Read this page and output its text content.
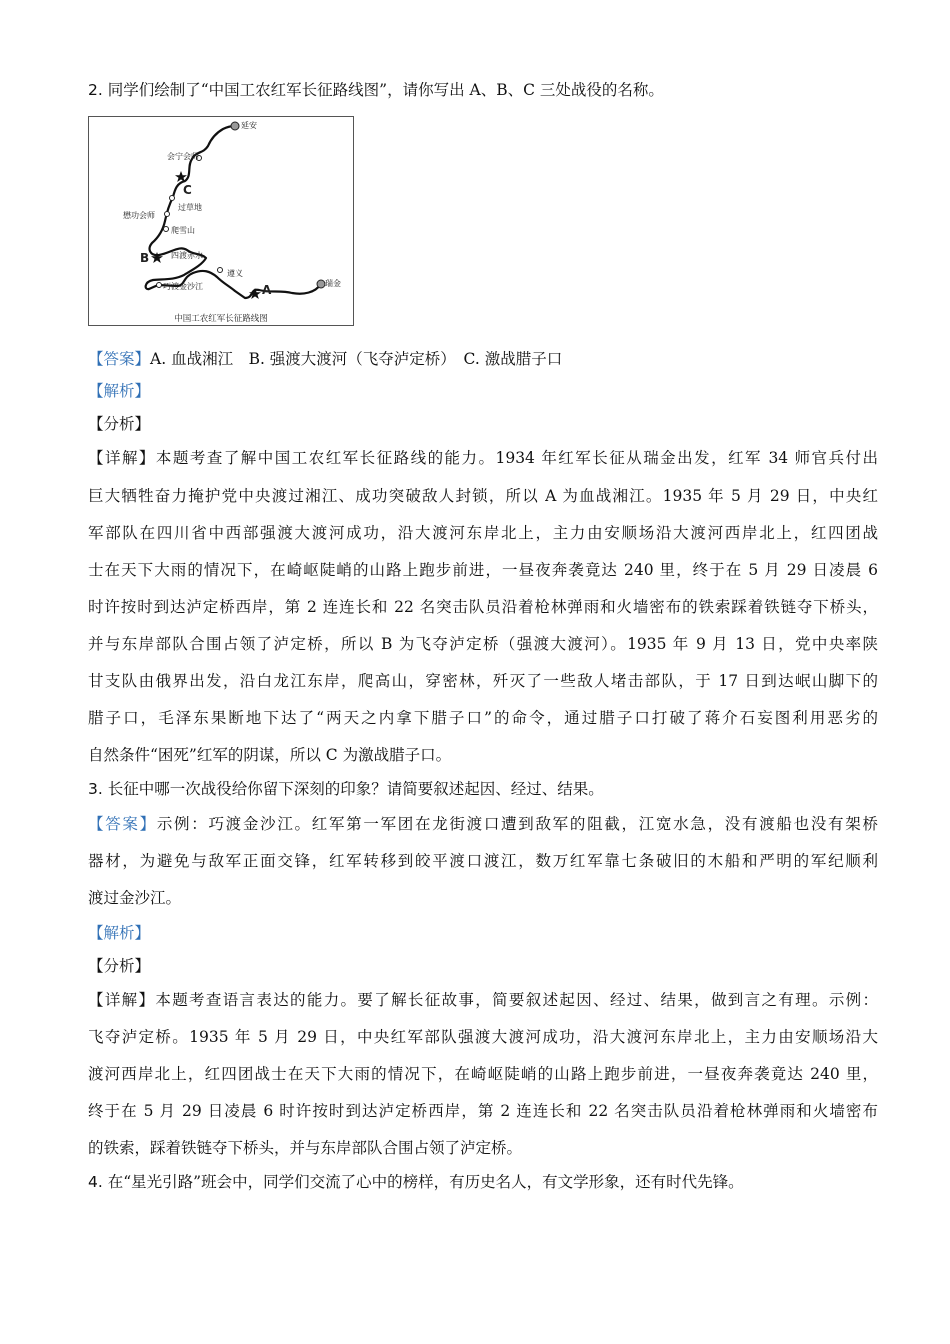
2. 同学们绘制了“中国工农红军长征路线图”，请你写出 A、B、C 三处战役的名称。
延安
会宁会师
C
过草地
懋功会师
爬雪山
B	四渡赤水
遵义
巧渡金沙江	A	瑞金
中国工农红军长征路线图
【答案】A. 血战湘江　B. 强渡大渡河（飞夺泸定桥）　C. 激战腊子口
【解析】
【分析】
【详解】本题考查了解中国工农红军长征路线的能力。1934 年红军长征从瑞金出发，红军 34 师官兵付出
巨大牺牲奋力掩护党中央渡过湘江、成功突破敌人封锁，所以 A 为血战湘江。1935 年 5 月 29 日，中央红
军部队在四川省中西部强渡大渡河成功，沿大渡河东岸北上，主力由安顺场沿大渡河西岸北上，红四团战
士在天下大雨的情况下，在崎岖陡峭的山路上跑步前进，一昼夜奔袭竟达 240 里，终于在 5 月 29 日凌晨 6
时许按时到达泸定桥西岸，第 2 连连长和 22 名突击队员沿着枪林弹雨和火墙密布的铁索踩着铁链夺下桥头，
并与东岸部队合围占领了泸定桥，所以 B 为飞夺泸定桥（强渡大渡河）。1935 年 9 月 13 日，党中央率陕
甘支队由俄界出发，沿白龙江东岸，爬高山，穿密林，歼灭了一些敌人堵击部队，于 17 日到达岷山脚下的
腊子口，毛泽东果断地下达了“两天之内拿下腊子口”的命令，通过腊子口打破了蒋介石妄图利用恶劣的
自然条件“困死”红军的阴谋，所以 C 为激战腊子口。
3. 长征中哪一次战役给你留下深刻的印象？请简要叙述起因、经过、结果。
【答案】示例：巧渡金沙江。红军第一军团在龙街渡口遭到敌军的阻截，江宽水急，没有渡船也没有架桥
器材，为避免与敌军正面交锋，红军转移到皎平渡口渡江，数万红军靠七条破旧的木船和严明的军纪顺利
渡过金沙江。
【解析】
【分析】
【详解】本题考查语言表达的能力。要了解长征故事，简要叙述起因、经过、结果，做到言之有理。示例：
飞夺泸定桥。1935 年 5 月 29 日，中央红军部队强渡大渡河成功，沿大渡河东岸北上，主力由安顺场沿大
渡河西岸北上，红四团战士在天下大雨的情况下，在崎岖陡峭的山路上跑步前进，一昼夜奔袭竟达 240 里，
终于在 5 月 29 日凌晨 6 时许按时到达泸定桥西岸，第 2 连连长和 22 名突击队员沿着枪林弹雨和火墙密布
的铁索，踩着铁链夺下桥头，并与东岸部队合围占领了泸定桥。
4. 在“星光引路”班会中，同学们交流了心中的榜样，有历史名人，有文学形象，还有时代先锋。
